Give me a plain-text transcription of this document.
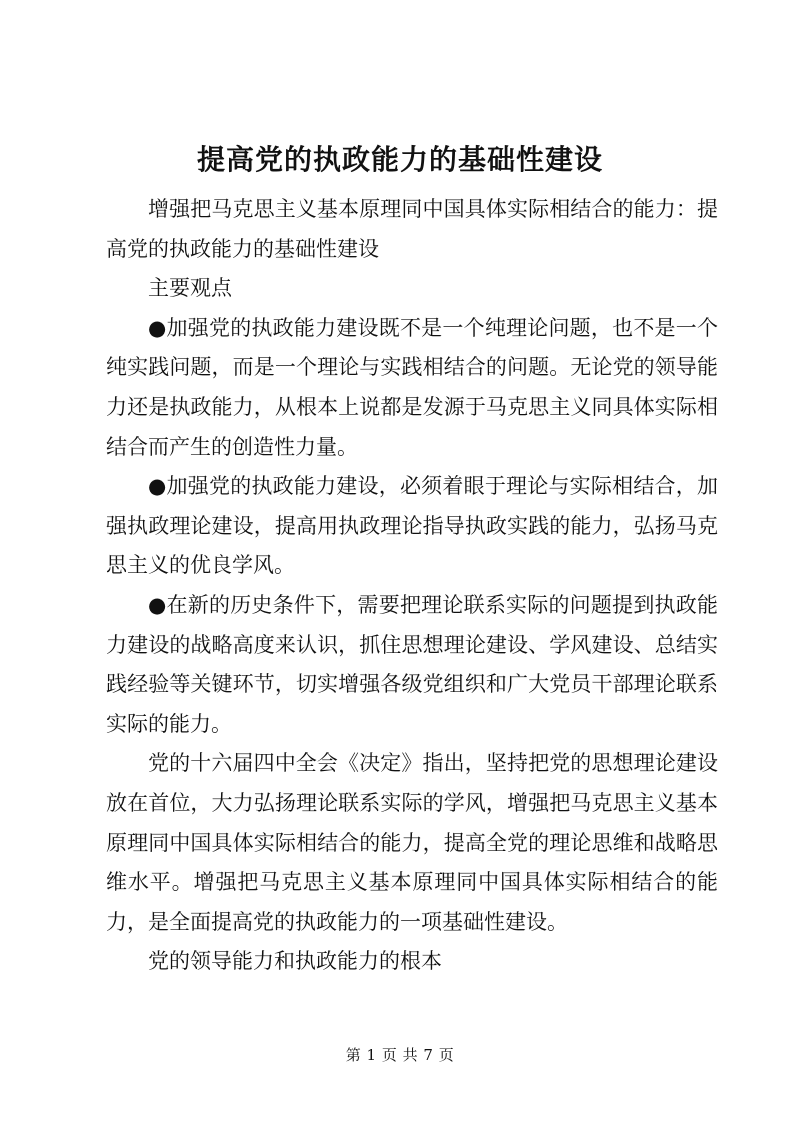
提高党的执政能力的基础性建设

增强把马克思主义基本原理同中国具体实际相结合的能力：提高党的执政能力的基础性建设

主要观点

●加强党的执政能力建设既不是一个纯理论问题，也不是一个纯实践问题，而是一个理论与实践相结合的问题。无论党的领导能力还是执政能力，从根本上说都是发源于马克思主义同具体实际相结合而产生的创造性力量。

●加强党的执政能力建设，必须着眼于理论与实际相结合，加强执政理论建设，提高用执政理论指导执政实践的能力，弘扬马克思主义的优良学风。

●在新的历史条件下，需要把理论联系实际的问题提到执政能力建设的战略高度来认识，抓住思想理论建设、学风建设、总结实践经验等关键环节，切实增强各级党组织和广大党员干部理论联系实际的能力。

党的十六届四中全会《决定》指出，坚持把党的思想理论建设放在首位，大力弘扬理论联系实际的学风，增强把马克思主义基本原理同中国具体实际相结合的能力，提高全党的理论思维和战略思维水平。增强把马克思主义基本原理同中国具体实际相结合的能力，是全面提高党的执政能力的一项基础性建设。

党的领导能力和执政能力的根本

第 1 页 共 7 页
